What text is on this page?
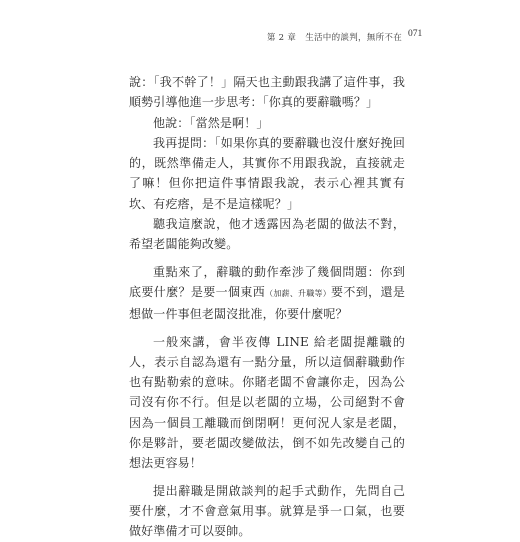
第 2 章 生活中的談判，無所不在 071

說：「我不幹了！」隔天也主動跟我講了這件事，我順勢引導他進一步思考：「你真的要辭職嗎？」

他說：「當然是啊！」

我再提問：「如果你真的要辭職也沒什麼好挽回的，既然準備走人，其實你不用跟我說，直接就走了嘛！但你把這件事情跟我說，表示心裡其實有坎、有疙瘩，是不是這樣呢？」

聽我這麼說，他才透露因為老闆的做法不對，希望老闆能夠改變。

重點來了，辭職的動作牽涉了幾個問題：你到底要什麼？是要一個東西（加薪、升職等）要不到，還是想做一件事但老闆沒批准，你要什麼呢？

一般來講，會半夜傳 LINE 給老闆提離職的人，表示自認為還有一點分量，所以這個辭職動作也有點勒索的意味。你賭老闆不會讓你走，因為公司沒有你不行。但是以老闆的立場，公司絕對不會因為一個員工離職而倒閉啊！更何況人家是老闆，你是夥計，要老闆改變做法，倒不如先改變自己的想法更容易！

提出辭職是開啟談判的起手式動作，先問自己要什麼，才不會意氣用事。就算是爭一口氣，也要做好準備才可以耍帥。
